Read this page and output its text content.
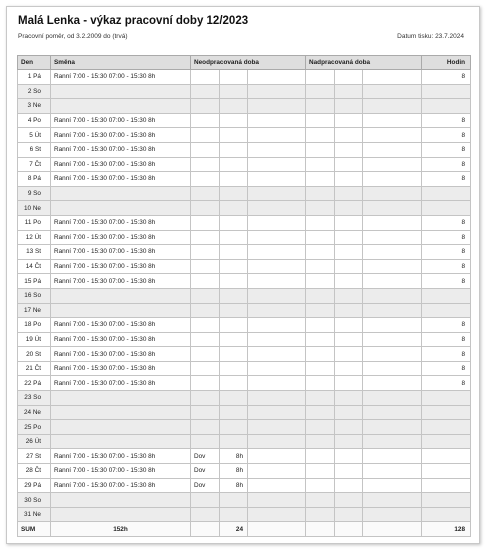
Malá Lenka - výkaz pracovní doby 12/2023
Pracovní poměr, od 3.2.2009 do (trvá)	Datum tisku: 23.7.2024
Den	Směna	Neodpracovaná doba			Nadpracovaná doba			Hodin
1 Pá	Ranní 7:00 - 15:30 07:00 - 15:30 8h							8
2 So								
3 Ne								
4 Po	Ranní 7:00 - 15:30 07:00 - 15:30 8h							8
5 Út	Ranní 7:00 - 15:30 07:00 - 15:30 8h							8
6 St	Ranní 7:00 - 15:30 07:00 - 15:30 8h							8
7 Čt	Ranní 7:00 - 15:30 07:00 - 15:30 8h							8
8 Pá	Ranní 7:00 - 15:30 07:00 - 15:30 8h							8
9 So								
10 Ne								
11 Po	Ranní 7:00 - 15:30 07:00 - 15:30 8h							8
12 Út	Ranní 7:00 - 15:30 07:00 - 15:30 8h							8
13 St	Ranní 7:00 - 15:30 07:00 - 15:30 8h							8
14 Čt	Ranní 7:00 - 15:30 07:00 - 15:30 8h							8
15 Pá	Ranní 7:00 - 15:30 07:00 - 15:30 8h							8
16 So								
17 Ne								
18 Po	Ranní 7:00 - 15:30 07:00 - 15:30 8h							8
19 Út	Ranní 7:00 - 15:30 07:00 - 15:30 8h							8
20 St	Ranní 7:00 - 15:30 07:00 - 15:30 8h							8
21 Čt	Ranní 7:00 - 15:30 07:00 - 15:30 8h							8
22 Pá	Ranní 7:00 - 15:30 07:00 - 15:30 8h							8
23 So								
24 Ne								
25 Po								
26 Út								
27 St	Ranní 7:00 - 15:30 07:00 - 15:30 8h	Dov	8h					
28 Čt	Ranní 7:00 - 15:30 07:00 - 15:30 8h	Dov	8h					
29 Pá	Ranní 7:00 - 15:30 07:00 - 15:30 8h	Dov	8h					
30 So								
31 Ne								
SUM	152h		24					128
